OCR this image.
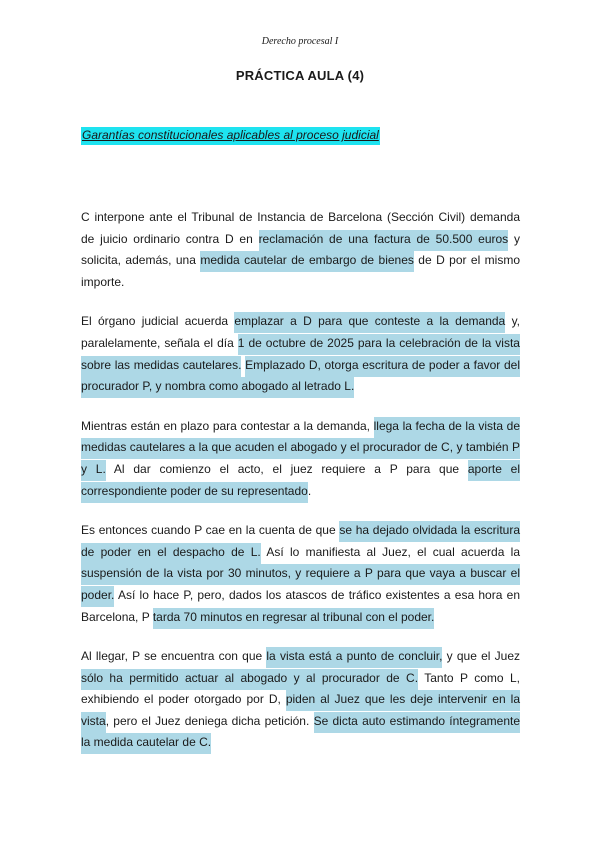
Derecho procesal I
PRÁCTICA AULA (4)
Garantías constitucionales aplicables al proceso judicial

C interpone ante el Tribunal de Instancia de Barcelona (Sección Civil) demanda de juicio ordinario contra D en reclamación de una factura de 50.500 euros y solicita, además, una medida cautelar de embargo de bienes de D por el mismo importe.

El órgano judicial acuerda emplazar a D para que conteste a la demanda y, paralelamente, señala el día 1 de octubre de 2025 para la celebración de la vista sobre las medidas cautelares. Emplazado D, otorga escritura de poder a favor del procurador P, y nombra como abogado al letrado L.

Mientras están en plazo para contestar a la demanda, llega la fecha de la vista de medidas cautelares a la que acuden el abogado y el procurador de C, y también P y L. Al dar comienzo el acto, el juez requiere a P para que aporte el correspondiente poder de su representado.

Es entonces cuando P cae en la cuenta de que se ha dejado olvidada la escritura de poder en el despacho de L. Así lo manifiesta al Juez, el cual acuerda la suspensión de la vista por 30 minutos, y requiere a P para que vaya a buscar el poder. Así lo hace P, pero, dados los atascos de tráfico existentes a esa hora en Barcelona, P tarda 70 minutos en regresar al tribunal con el poder.

Al llegar, P se encuentra con que la vista está a punto de concluir, y que el Juez sólo ha permitido actuar al abogado y al procurador de C. Tanto P como L, exhibiendo el poder otorgado por D, piden al Juez que les deje intervenir en la vista, pero el Juez deniega dicha petición. Se dicta auto estimando íntegramente la medida cautelar de C.
